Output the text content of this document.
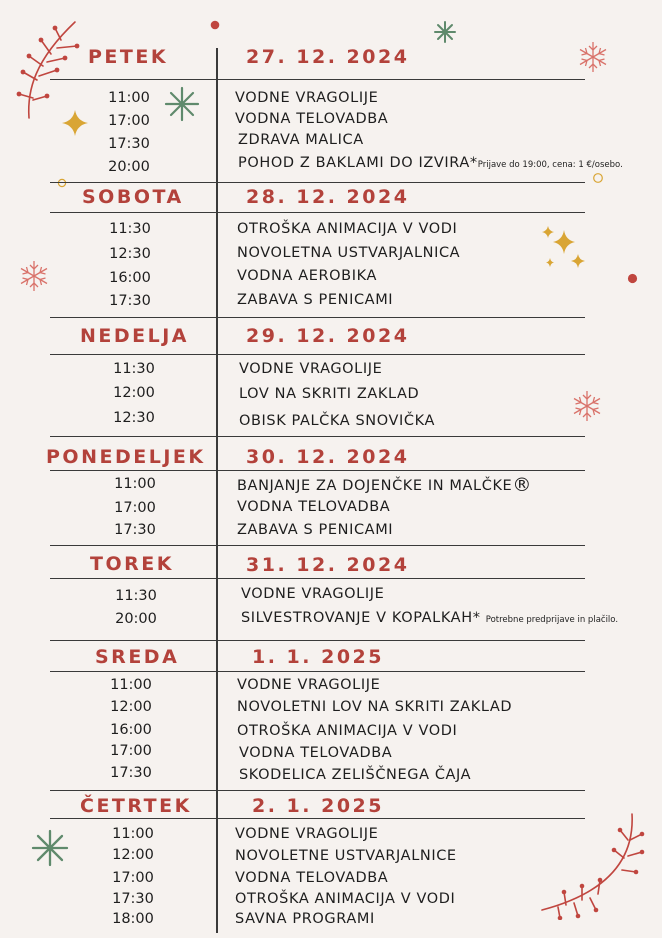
PETEK	27. 12. 2024
11:00	VODNE VRAGOLIJE
17:00	VODNA TELOVADBA
17:30	ZDRAVA MALICA
20:00	POHOD Z BAKLAMI DO IZVIRA*Prijave do 19:00, cena: 1 €/osebo.
SOBOTA	28. 12. 2024
11:30	OTROŠKA ANIMACIJA V VODI
12:30	NOVOLETNA USTVARJALNICA
16:00	VODNA AEROBIKA
17:30	ZABAVA S PENICAMI
NEDELJA	29. 12. 2024
11:30	VODNE VRAGOLIJE
12:00	LOV NA SKRITI ZAKLAD
12:30	OBISK PALČKA SNOVIČKA
PONEDELJEK 30. 12. 2024
11:00	BANJANJE ZA DOJENČKE IN MALČKE®
17:00	VODNA TELOVADBA
17:30	ZABAVA S PENICAMI
TOREK	31. 12. 2024
11:30	VODNE VRAGOLIJE
20:00	SILVESTROVANJE V KOPALKAH* Potrebne predprijave in plačilo.
SREDA	1. 1. 2025
11:00	VODNE VRAGOLIJE
12:00	NOVOLETNI LOV NA SKRITI ZAKLAD
16:00	OTROŠKA ANIMACIJA V VODI
17:00	VODNA TELOVADBA
17:30	SKODELICA ZELIŠČNEGA ČAJA
ČETRTEK	2. 1. 2025
11:00	VODNE VRAGOLIJE
12:00	NOVOLETNE USTVARJALNICE
17:00	VODNA TELOVADBA
17:30	OTROŠKA ANIMACIJA V VODI
18:00	SAVNA PROGRAMI
